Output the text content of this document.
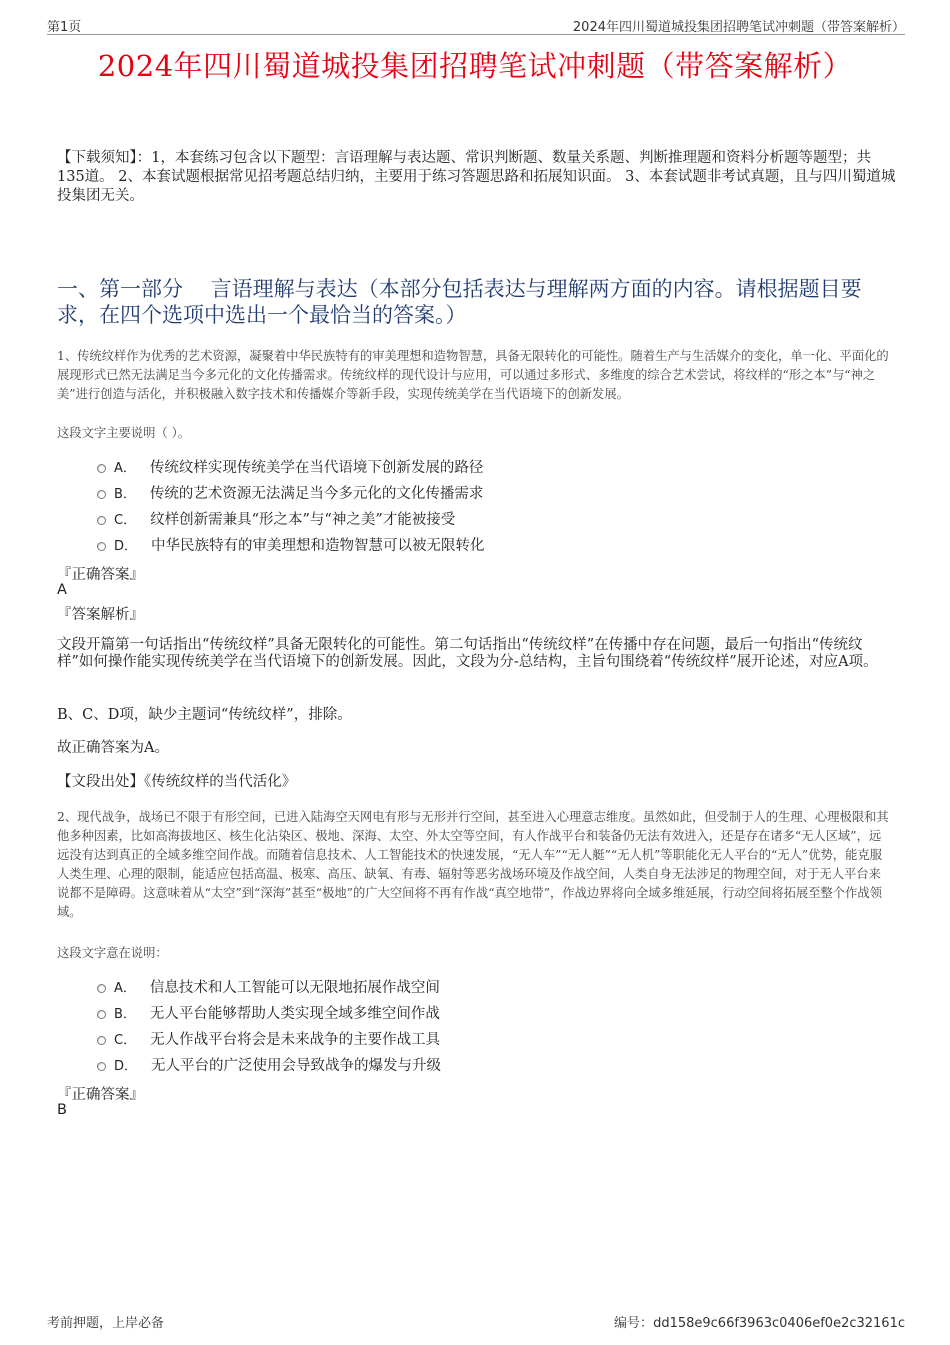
第1页	2024年四川蜀道城投集团招聘笔试冲刺题（带答案解析）
2024年四川蜀道城投集团招聘笔试冲刺题（带答案解析）
【下载须知】：1，本套练习包含以下题型：言语理解与表达题、常识判断题、数量关系题、判断推理题和资料分析题等题型；共135道。 2、本套试题根据常见招考题总结归纳，主要用于练习答题思路和拓展知识面。 3、本套试题非考试真题，且与四川蜀道城投集团无关。
一、第一部分　 言语理解与表达（本部分包括表达与理解两方面的内容。请根据题目要求，在四个选项中选出一个最恰当的答案。）
1、传统纹样作为优秀的艺术资源，凝聚着中华民族特有的审美理想和造物智慧，具备无限转化的可能性。随着生产与生活媒介的变化，单一化、平面化的展现形式已然无法满足当今多元化的文化传播需求。传统纹样的现代设计与应用，可以通过多形式、多维度的综合艺术尝试，将纹样的“形之本”与“神之美”进行创造与活化，并积极融入数字技术和传播媒介等新手段，实现传统美学在当代语境下的创新发展。
这段文字主要说明（ ）。
A． 传统纹样实现传统美学在当代语境下创新发展的路径
B． 传统的艺术资源无法满足当今多元化的文化传播需求
C． 纹样创新需兼具“形之本”与“神之美”才能被接受
D． 中华民族特有的审美理想和造物智慧可以被无限转化
『正确答案』
A
『答案解析』
文段开篇第一句话指出“传统纹样”具备无限转化的可能性。第二句话指出“传统纹样”在传播中存在问题，最后一句指出“传统纹样”如何操作能实现传统美学在当代语境下的创新发展。因此，文段为分-总结构，主旨句围绕着“传统纹样”展开论述，对应A项。
B、C、D项，缺少主题词“传统纹样”，排除。
故正确答案为A。
【文段出处】《传统纹样的当代活化》
2、现代战争，战场已不限于有形空间，已进入陆海空天网电有形与无形并行空间，甚至进入心理意志维度。虽然如此，但受制于人的生理、心理极限和其他多种因素，比如高海拔地区、核生化沾染区、极地、深海、太空、外太空等空间，有人作战平台和装备仍无法有效进入，还是存在诸多“无人区域”，远远没有达到真正的全域多维空间作战。而随着信息技术、人工智能技术的快速发展，“无人车”“无人艇”“无人机”等职能化无人平台的“无人”优势，能克服人类生理、心理的限制，能适应包括高温、极寒、高压、缺氧、有毒、辐射等恶劣战场环境及作战空间，人类自身无法涉足的物理空间，对于无人平台来说都不是障碍。这意味着从“太空”到“深海”甚至“极地”的广大空间将不再有作战“真空地带”，作战边界将向全域多维延展，行动空间将拓展至整个作战领域。
这段文字意在说明：
A． 信息技术和人工智能可以无限地拓展作战空间
B． 无人平台能够帮助人类实现全域多维空间作战
C． 无人作战平台将会是未来战争的主要作战工具
D． 无人平台的广泛使用会导致战争的爆发与升级
『正确答案』
B
考前押题，上岸必备	编号：dd158e9c66f3963c0406ef0e2c32161c
